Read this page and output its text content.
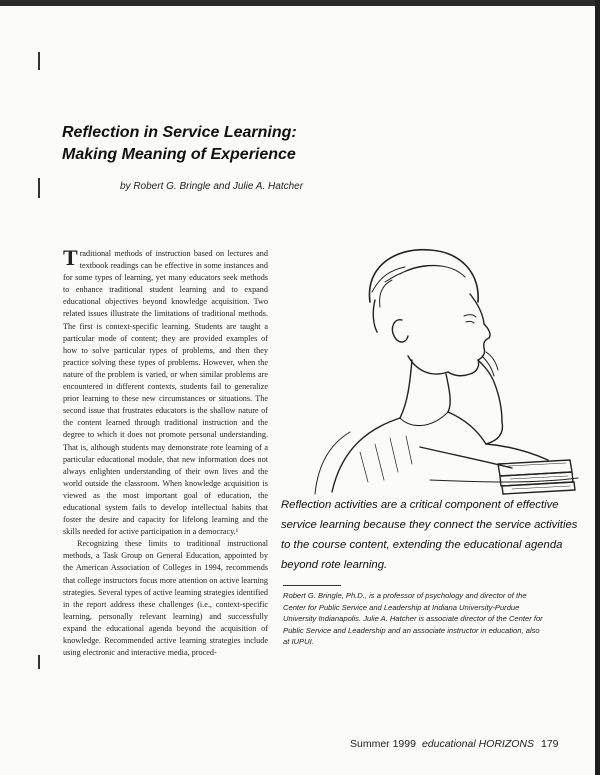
Reflection in Service Learning:
Making Meaning of Experience
by Robert G. Bringle and Julie A. Hatcher

Traditional methods of instruction based on lectures and textbook readings can be effective in some instances and for some types of learning, yet many educators seek methods to enhance traditional student learning and to expand educational objectives beyond knowledge acquisition. Two related issues illustrate the limitations of traditional methods. The first is context-specific learning. Students are taught a particular mode of content; they are provided examples of how to solve particular types of problems, and then they practice solving these types of problems. However, when the nature of the problem is varied, or when similar problems are encountered in different contexts, students fail to generalize prior learning to these new circumstances or situations. The second issue that frustrates educators is the shallow nature of the content learned through traditional instruction and the degree to which it does not promote personal understanding. That is, although students may demonstrate rote learning of a particular educational module, that new information does not always enlighten understanding of their own lives and the world outside the classroom. When knowledge acquisition is viewed as the most important goal of education, the educational system fails to develop intellectual habits that foster the desire and capacity for lifelong learning and the skills needed for active participation in a democracy.¹

Recognizing these limits to traditional instructional methods, a Task Group on General Education, appointed by the American Association of Colleges in 1994, recommends that college instructors focus more attention on active learning strategies. Several types of active learning strategies identified in the report address these challenges (i.e., context-specific learning, personally relevant learning) and successfully expand the educational agenda beyond the acquisition of knowledge. Recommended active learning strategies include using electronic and interactive media, proced-

Reflection activities are a critical component of effective service learning because they connect the service activities to the course content, extending the educational agenda beyond rote learning.
Robert G. Bringle, Ph.D., is a professor of psychology and director of the Center for Public Service and Leadership at Indiana University-Purdue University Indianapolis. Julie A. Hatcher is associate director of the Center for Public Service and Leadership and an associate instructor in education, also at IUPUI.
Summer 1999 educational HORIZONS 179
